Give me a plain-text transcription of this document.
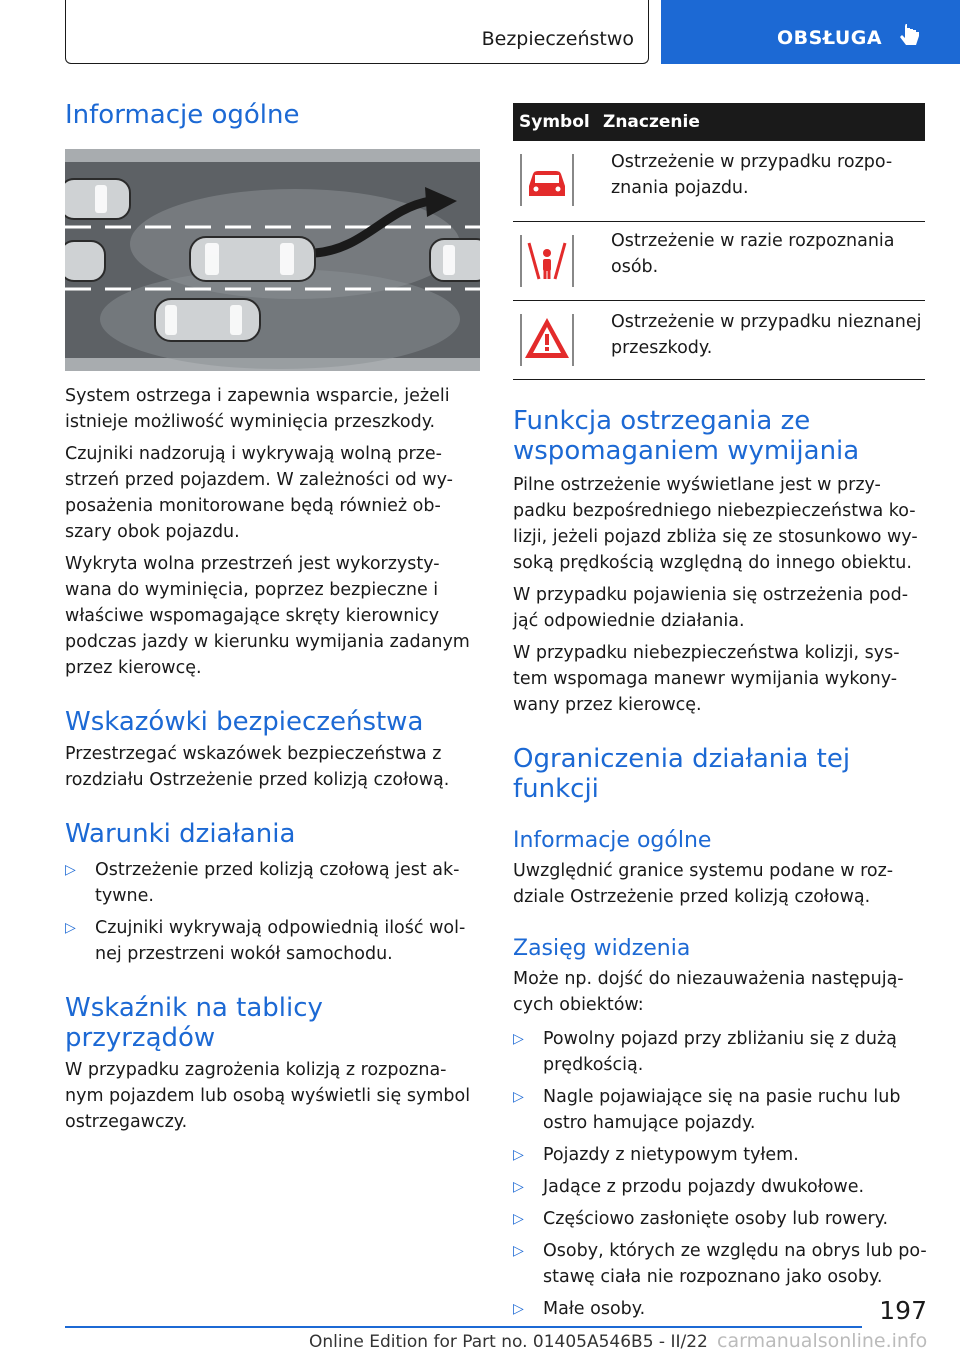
Bezpieczeństwo	OBSŁUGA
Informacje ogólne

System ostrzega i zapewnia wsparcie, jeżeli istnieje możliwość wyminięcia przeszkody.

Czujniki nadzorują i wykrywają wolną prze-strzeń przed pojazdem. W zależności od wy-posażenia monitorowane będą również ob-szary obok pojazdu.

Wykryta wolna przestrzeń jest wykorzysty-wana do wyminięcia, poprzez bezpieczne i właściwe wspomagające skręty kierownicy podczas jazdy w kierunku wymijania zadanym przez kierowcę.

Wskazówki bezpieczeństwa

Przestrzegać wskazówek bezpieczeństwa z rozdziału Ostrzeżenie przed kolizją czołową.

Warunki działania
▷ Ostrzeżenie przed kolizją czołową jest ak-tywne.
▷ Czujniki wykrywają odpowiednią ilość wol-nej przestrzeni wokół samochodu.
Wskaźnik na tablicy przyrządów

W przypadku zagrożenia kolizją z rozpozna-nym pojazdem lub osobą wyświetli się symbol ostrzegawczy.

Symbol	Znaczenie
	Ostrzeżenie w przypadku rozpo-znania pojazdu.
	Ostrzeżenie w razie rozpoznania osób.
	Ostrzeżenie w przypadku nieznanej przeszkody.
Funkcja ostrzegania ze wspomaganiem wymijania

Pilne ostrzeżenie wyświetlane jest w przy-padku bezpośredniego niebezpieczeństwa ko-lizji, jeżeli pojazd zbliża się ze stosunkowo wy-soką prędkością względną do innego obiektu.

W przypadku pojawienia się ostrzeżenia pod-jąć odpowiednie działania.

W przypadku niebezpieczeństwa kolizji, sys-tem wspomaga manewr wymijania wykony-wany przez kierowcę.

Ograniczenia działania tej funkcji
Informacje ogólne

Uwzględnić granice systemu podane w roz-dziale Ostrzeżenie przed kolizją czołową.

Zasięg widzenia

Może np. dojść do niezauważenia następują-cych obiektów:

▷ Powolny pojazd przy zbliżaniu się z dużą prędkością.
▷ Nagle pojawiające się na pasie ruchu lub ostro hamujące pojazdy.
▷ Pojazdy z nietypowym tyłem.
▷ Jadące z przodu pojazdy dwukołowe.
▷ Częściowo zasłonięte osoby lub rowery.
▷ Osoby, których ze względu na obrys lub po-stawę ciała nie rozpoznano jako osoby.
▷ Małe osoby.	197
Online Edition for Part no. 01405A546B5 - II/22 carmanualsonline.info
